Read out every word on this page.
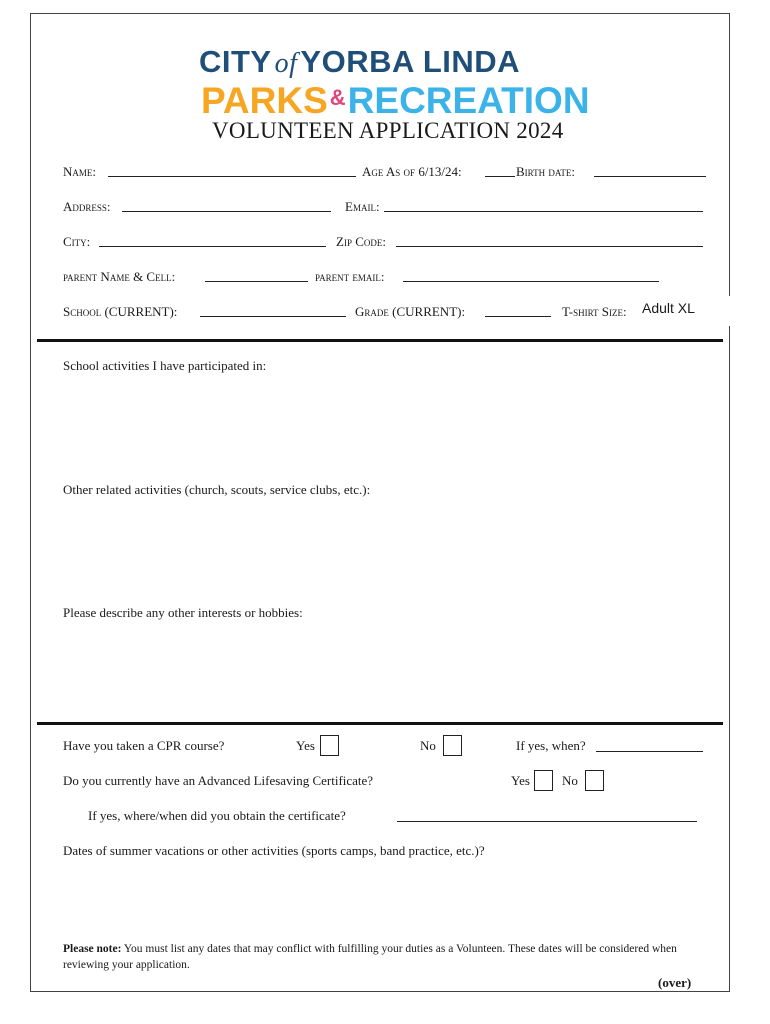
CITY ofYORBA LINDA
PARKS&RECREATION
VOLUNTEEN APPLICATION 2024
Name:	Age As of 6/13/24:	Birth date:
Address:	Email:
City:	Zip Code:
parent Name & Cell:	parent email:
School (CURRENT):	Grade (CURRENT):	T-shirt Size: Adult XL
School activities I have participated in:
Other related activities (church, scouts, service clubs, etc.):
Please describe any other interests or hobbies:
Have you taken a CPR course?	Yes	No	If yes, when?
Do you currently have an Advanced Lifesaving Certificate?	Yes No
If yes, where/when did you obtain the certificate?
Dates of summer vacations or other activities (sports camps, band practice, etc.)?
Please note: You must list any dates that may conflict with fulfilling your duties as a Volunteen. These dates will be considered when reviewing your application.
(over)
